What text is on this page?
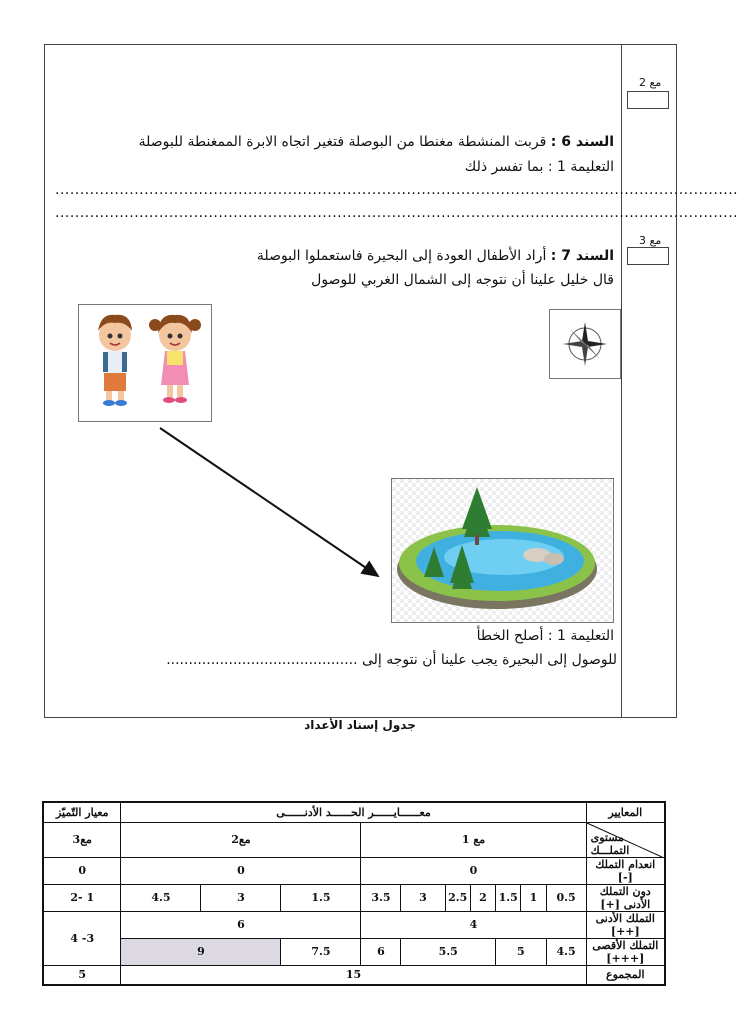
مع 2
مع 3
السند 6 : قربت المنشطة مغنطا من البوصلة فتغير اتجاه الابرة الممغنطة للبوصلة
التعليمة 1 : بما تفسر ذلك
..........................................................................................................................................
..........................................................................................................................................
السند 7 : أراد الأطفال العودة إلى البحيرة فاستعملوا البوصلة
قال خليل علينا أن نتوجه إلى الشمال الغربي للوصول
التعليمة 1 : أصلح الخطأ
للوصول إلى البحيرة يجب علينا أن نتوجه إلى ...........................................
جدول إسناد الأعداد
المعايير	معــــــايــــــر الحــــــد الأدنــــــى										معيار التّميّز

مستوى التملـــك	مع 1							مع2			مع3
انعدام التملك [-]	0							0			0
دون التملك الأدنى [+]	0.5	1	1.5	2	2.5	3	3.5	1.5	3	4.5	1 -2
التملك الأدنى [++]	4							6			3- 4
التملك الأقصى [+++]	4.5	5		5.5			6	7.5	9		
المجموع	15										5
